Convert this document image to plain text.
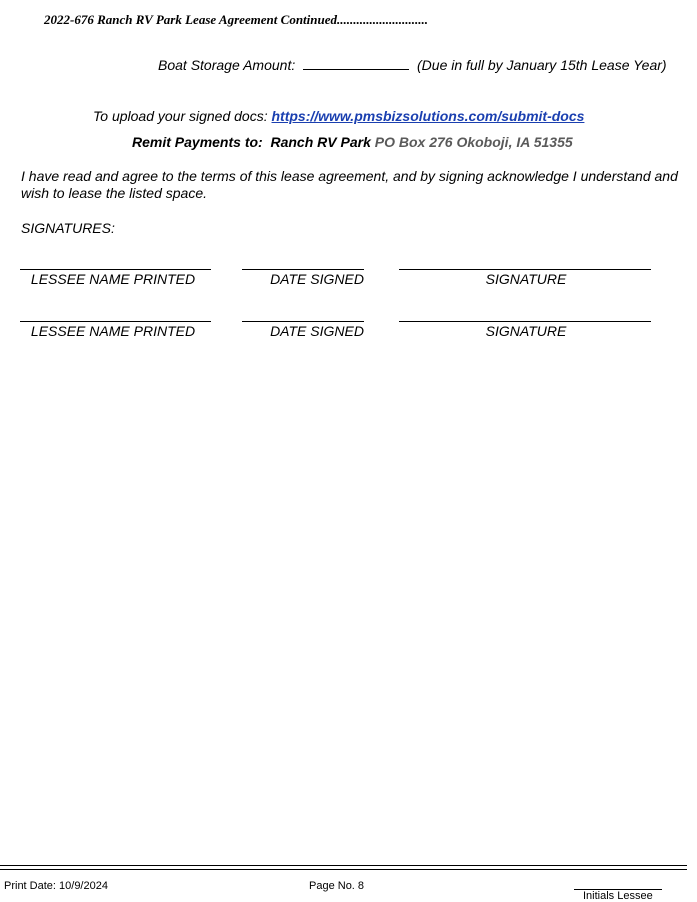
2022-676 Ranch RV Park Lease Agreement Continued............................
Boat Storage Amount:	(Due in full by January 15th Lease Year)
To upload your signed docs: https://www.pmsbizsolutions.com/submit-docs
Remit Payments to: Ranch RV Park PO Box 276 Okoboji, IA 51355
I have read and agree to the terms of this lease agreement, and by signing acknowledge I understand and wish to lease the listed space.
SIGNATURES:
LESSEE NAME PRINTED	DATE SIGNED	SIGNATURE
LESSEE NAME PRINTED	DATE SIGNED	SIGNATURE
Print Date: 10/9/2024	Page No. 8
Initials Lessee
